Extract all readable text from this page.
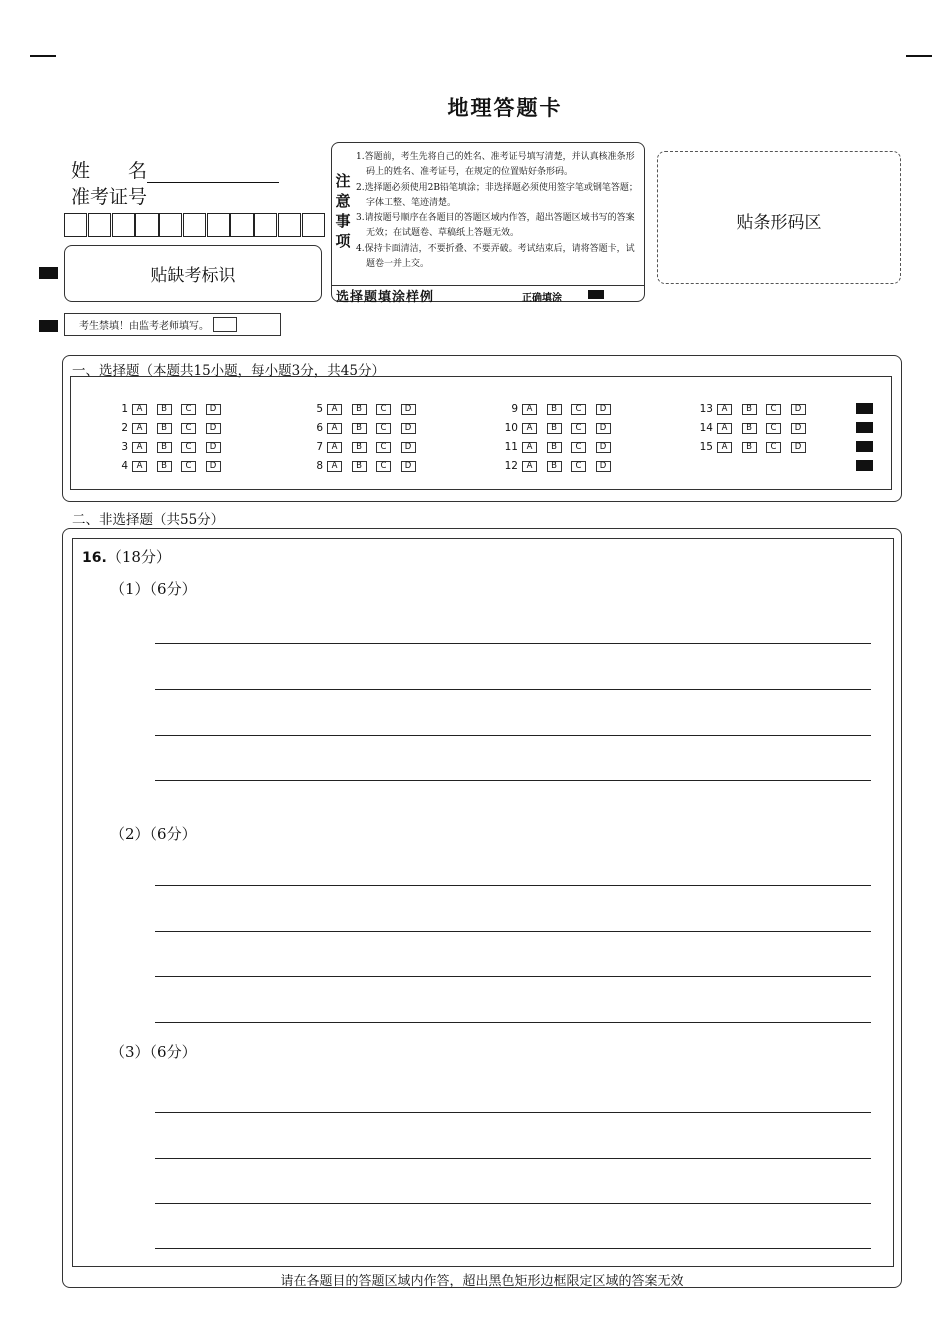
地理答题卡
姓　　名
准考证号
贴缺考标识
注
意
事
项
1.答题前，考生先将自己的姓名、准考证号填写清楚，并认真核准条形码上的姓名、准考证号，在规定的位置贴好条形码。
2.选择题必须使用2B铅笔填涂；非选择题必须使用签字笔或钢笔答题；字体工整、笔迹清楚。
3.请按题号顺序在各题目的答题区域内作答，超出答题区域书写的答案无效；在试题卷、草稿纸上答题无效。
4.保持卡面清洁，不要折叠、不要弄破。考试结束后，请将答题卡，试题卷一并上交。
选择题填涂样例	正确填涂
贴条形码区
考生禁填！由监考老师填写。
一、选择题（本题共15小题，每小题3分，共45分）
1	A	B	C	D
2	A	B	C	D
3	A	B	C	D
4	A	B	C	D
5	A	B	C	D
6	A	B	C	D
7	A	B	C	D
8	A	B	C	D
9	A	B	C	D
10	A	B	C	D
11	A	B	C	D
12	A	B	C	D
13	A	B	C	D
14	A	B	C	D
15	A	B	C	D
二、非选择题（共55分）
16.（18分）
（1）（6分）
（2）（6分）
（3）（6分）
请在各题目的答题区域内作答，超出黑色矩形边框限定区域的答案无效
